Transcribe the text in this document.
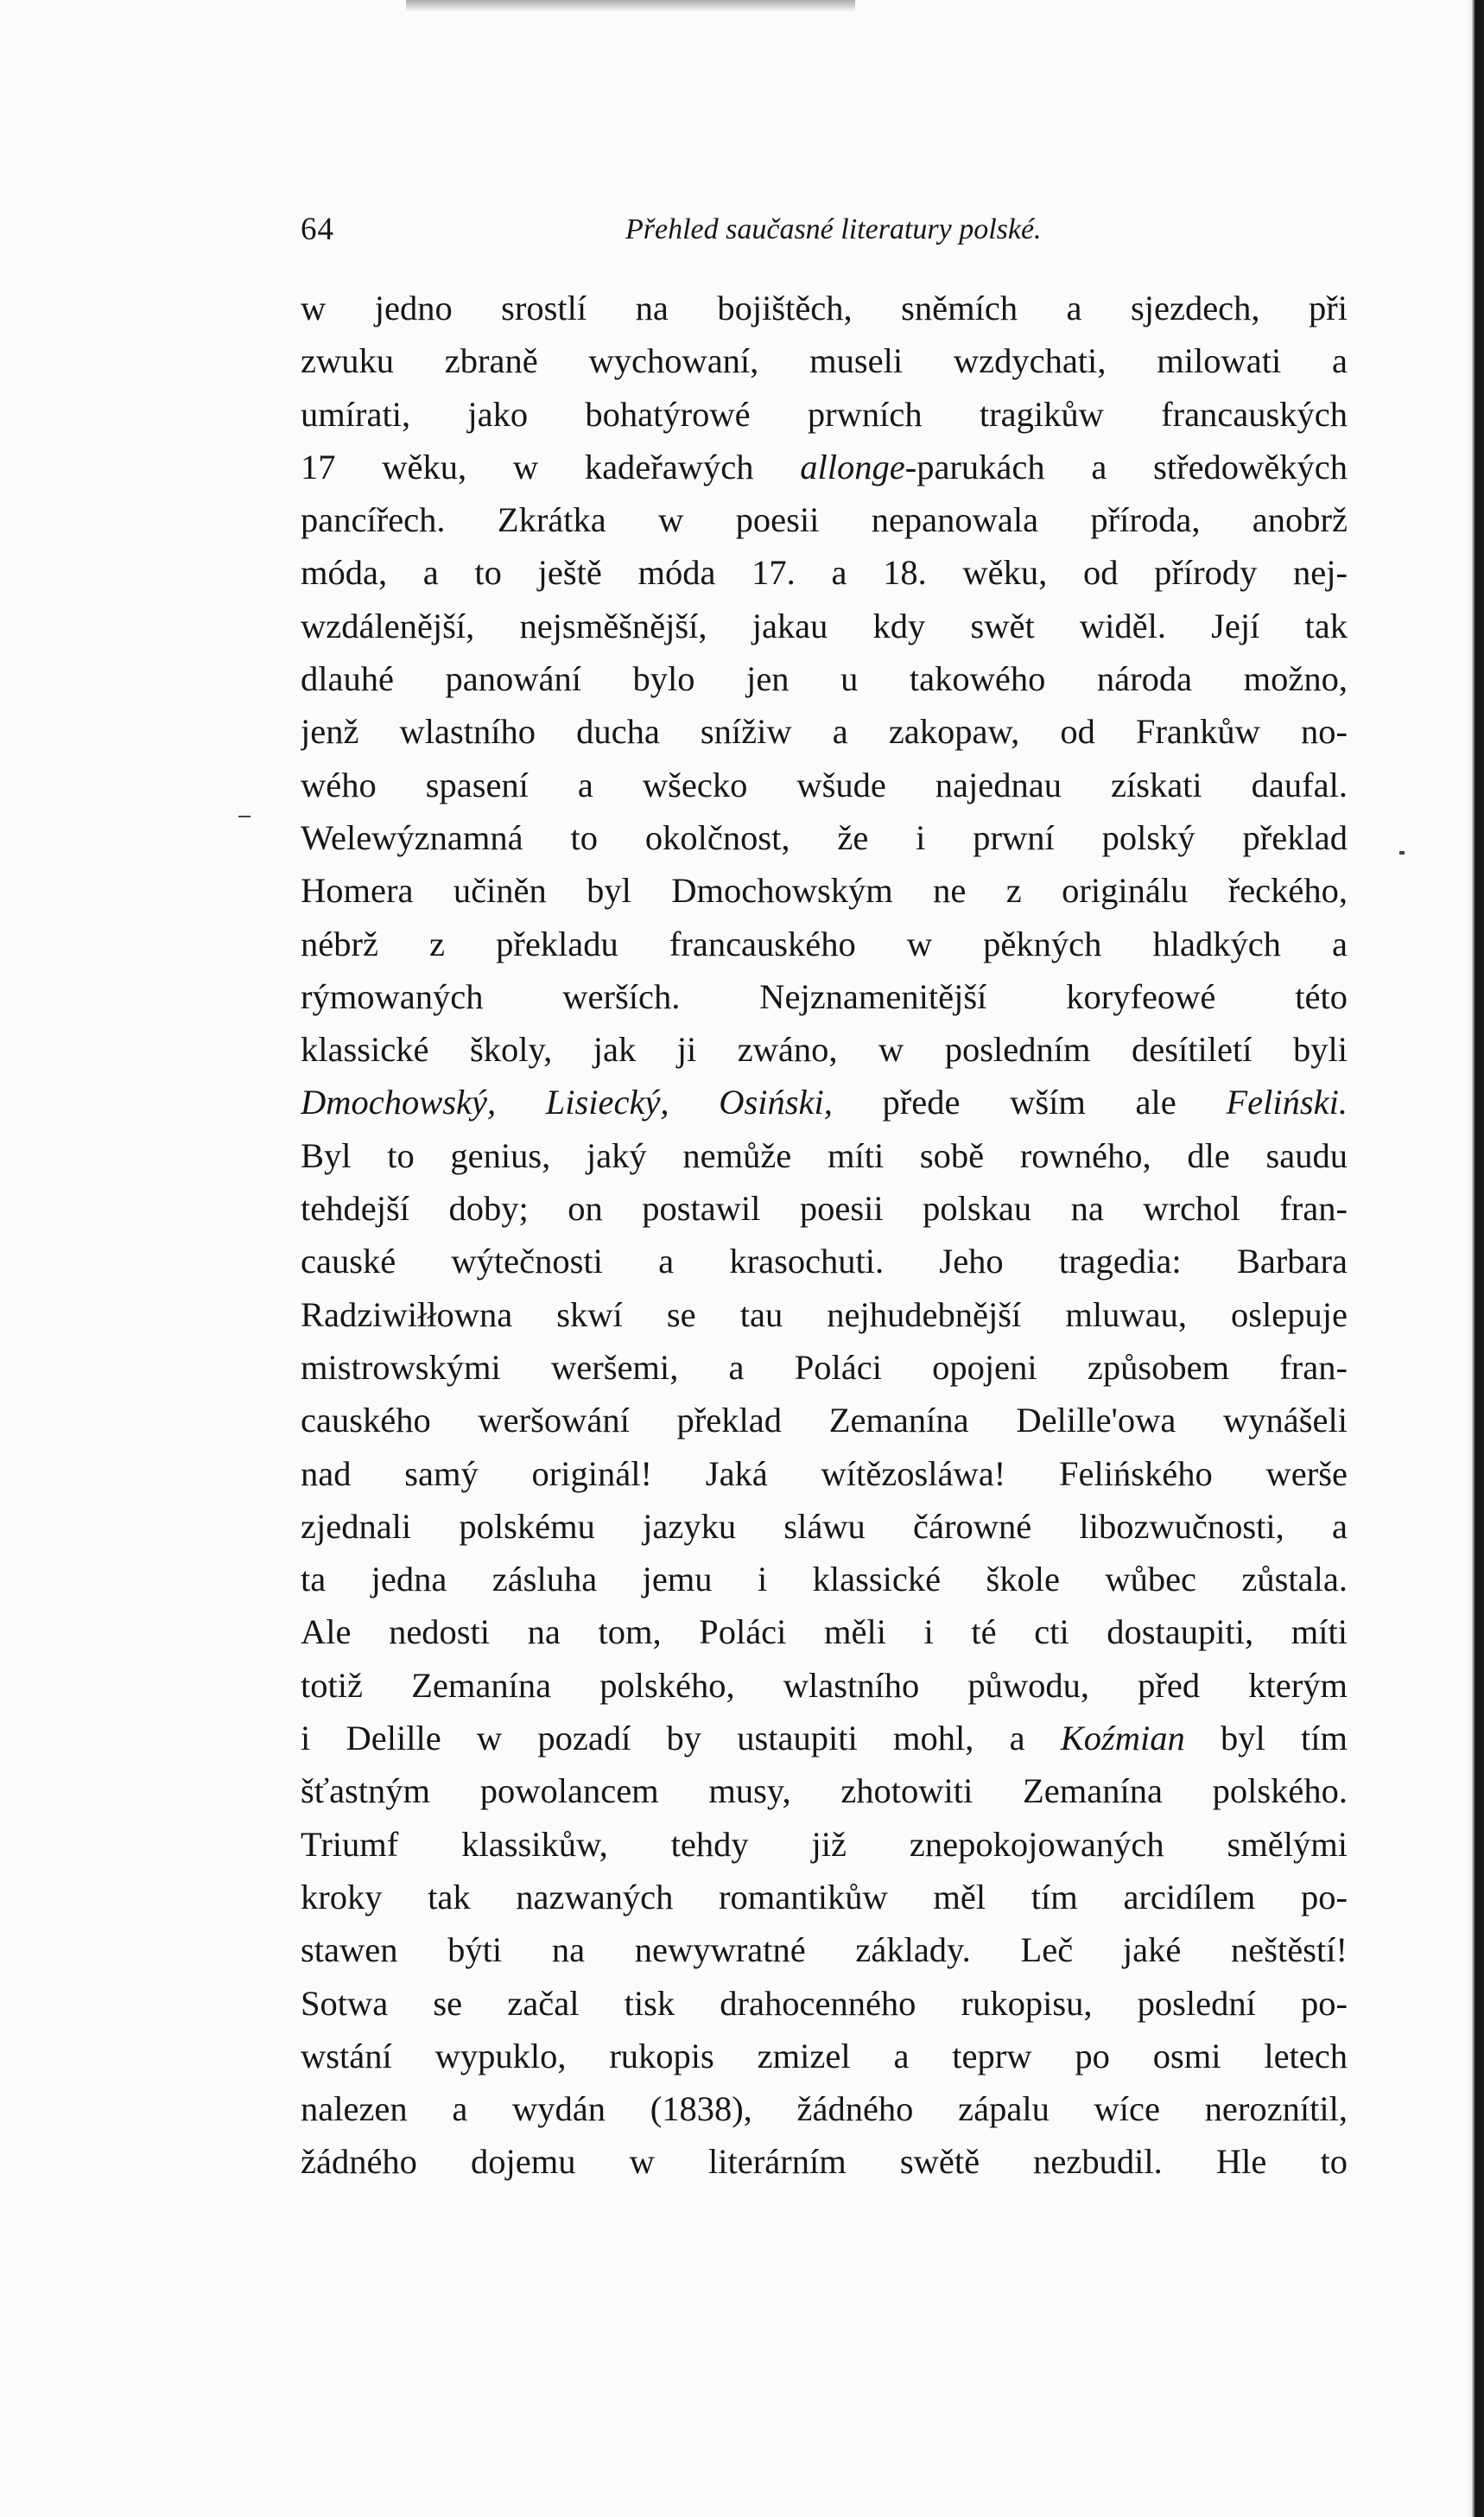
64	Přehled saučasné literatury polské.
w jedno srostlí na bojištěch, sněmích a sjezdech, při
zwuku zbraně wychowaní, museli wzdychati, milowati a
umírati, jako bohatýrowé prwních tragikůw francauských
17 wěku, w kadeřawých allonge-parukách a středowěkých
pancířech. Zkrátka w poesii nepanowala příroda, anobrž
móda, a to ještě móda 17. a 18. wěku, od přírody nej-
wzdálenější, nejsměšnější, jakau kdy swět widěl. Její tak
dlauhé panowání bylo jen u takowého národa možno,
jenž wlastního ducha snížiw a zakopaw, od Frankůw no-
wého spasení a wšecko wšude najednau získati daufal.
Welewýznamná to okolčnost, že i prwní polský překlad
Homera učiněn byl Dmochowským ne z originálu řeckého,
nébrž z překladu francauského w pěkných hladkých a
rýmowaných werších. Nejznamenitější koryfeowé této
klassické školy, jak ji zwáno, w posledním desítiletí byli
Dmochowský, Lisiecký, Osiński, přede wším ale Feliński.
Byl to genius, jaký nemůže míti sobě rowného, dle saudu
tehdejší doby; on postawil poesii polskau na wrchol fran-
causké wýtečnosti a krasochuti. Jeho tragedia: Barbara
Radziwiłłowna skwí se tau nejhudebnější mluwau, oslepuje
mistrowskými weršemi, a Poláci opojeni způsobem fran-
cauského weršowání překlad Zemanína Delille'owa wynášeli
nad samý originál! Jaká wítězosláwa! Felińského werše
zjednali polskému jazyku sláwu čárowné libozwučnosti, a
ta jedna zásluha jemu i klassické škole wůbec zůstala.
Ale nedosti na tom, Poláci měli i té cti dostaupiti, míti
totiž Zemanína polského, wlastního půwodu, před kterým
i Delille w pozadí by ustaupiti mohl, a Koźmian byl tím
šťastným powolancem musy, zhotowiti Zemanína polského.
Triumf klassikůw, tehdy již znepokojowaných smělými
kroky tak nazwaných romantikůw měl tím arcidílem po-
stawen býti na newywratné základy. Leč jaké neštěstí!
Sotwa se začal tisk drahocenného rukopisu, poslední po-
wstání wypuklo, rukopis zmizel a teprw po osmi letech
nalezen a wydán (1838), žádného zápalu wíce neroznítil,
žádného dojemu w literárním swětě nezbudil. Hle to
